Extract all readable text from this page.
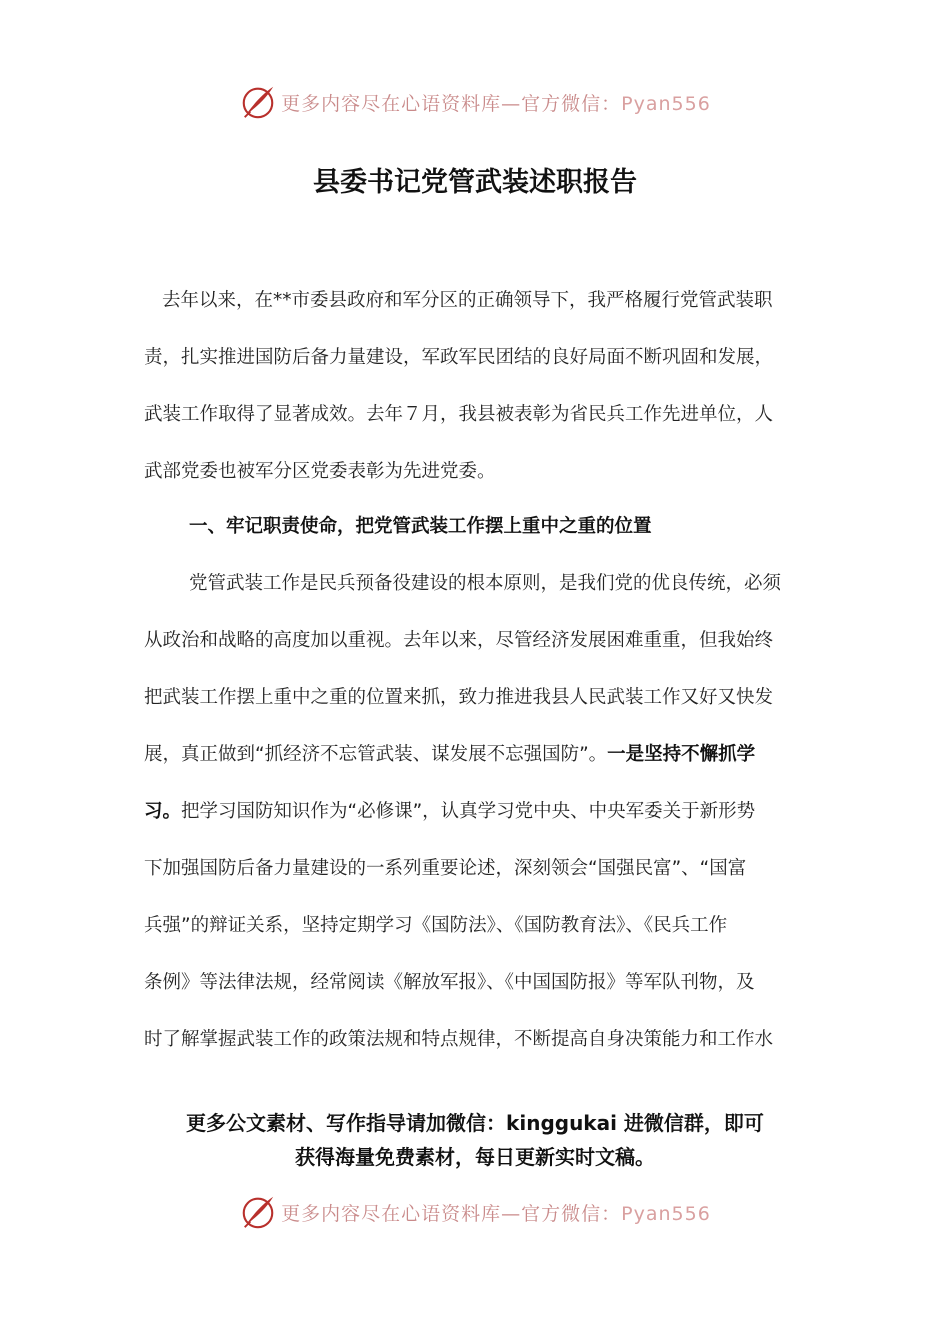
更多内容尽在心语资料库—官方微信：Pyan556
县委书记党管武装述职报告
去年以来，在**市委县政府和军分区的正确领导下，我严格履行党管武装职
责，扎实推进国防后备力量建设，军政军民团结的良好局面不断巩固和发展，
武装工作取得了显著成效。去年７月，我县被表彰为省民兵工作先进单位，人
武部党委也被军分区党委表彰为先进党委。
一、牢记职责使命，把党管武装工作摆上重中之重的位置
党管武装工作是民兵预备役建设的根本原则，是我们党的优良传统，必须
从政治和战略的高度加以重视。去年以来，尽管经济发展困难重重，但我始终
把武装工作摆上重中之重的位置来抓，致力推进我县人民武装工作又好又快发
展，真正做到“抓经济不忘管武装、谋发展不忘强国防”。一是坚持不懈抓学
习。把学习国防知识作为“必修课”，认真学习党中央、中央军委关于新形势
下加强国防后备力量建设的一系列重要论述，深刻领会“国强民富”、“国富
兵强”的辩证关系，坚持定期学习《国防法》、《国防教育法》、《民兵工作
条例》等法律法规，经常阅读《解放军报》、《中国国防报》等军队刊物，及
时了解掌握武装工作的政策法规和特点规律，不断提高自身决策能力和工作水
更多公文素材、写作指导请加微信：kinggukai 进微信群，即可
获得海量免费素材，每日更新实时文稿。
更多内容尽在心语资料库—官方微信：Pyan556
